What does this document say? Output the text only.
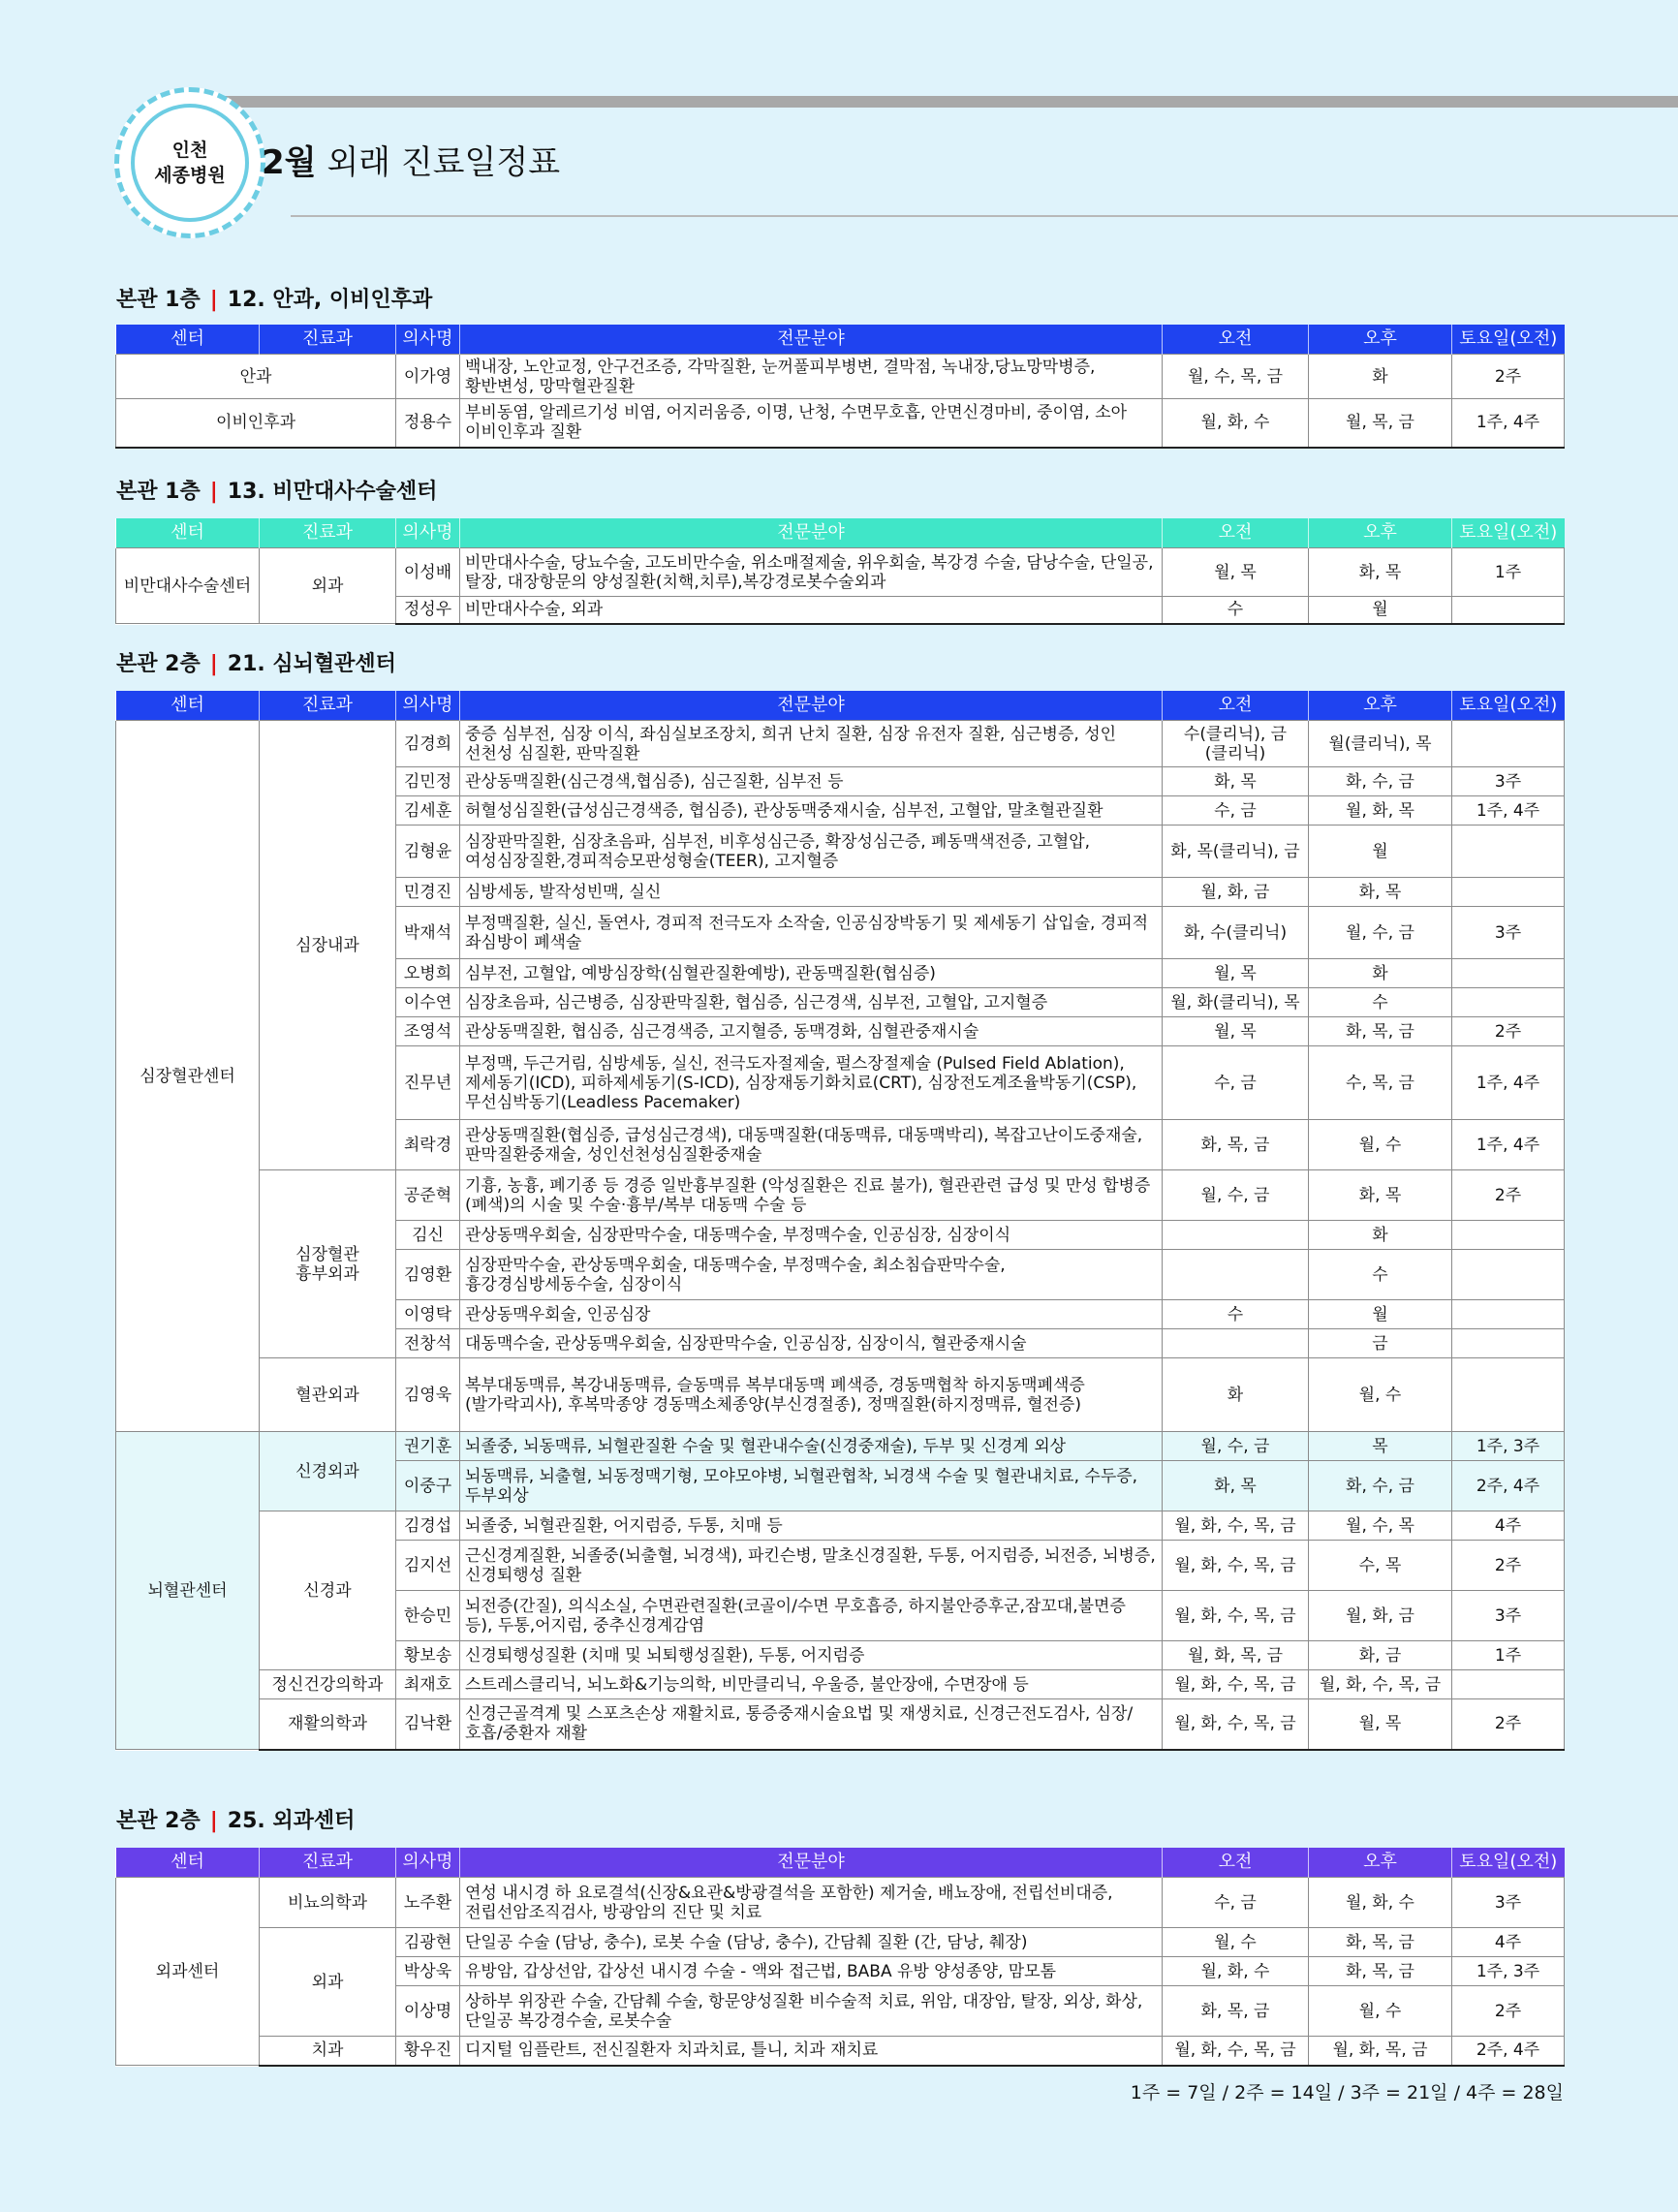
인천
세종병원 2월 외래 진료일정표
본관 1층 | 12. 안과, 이비인후과
센터	진료과	의사명	전문분야	오전	오후	토요일(오전)
안과		이가영	백내장, 노안교정, 안구건조증, 각막질환, 눈꺼풀피부병변, 결막점, 녹내장,당뇨망막병증, 황반변성, 망막혈관질환	월, 수, 목, 금	화	2주
이비인후과		정용수	부비동염, 알레르기성 비염, 어지러움증, 이명, 난청, 수면무호흡, 안면신경마비, 중이염, 소아 이비인후과 질환	월, 화, 수	월, 목, 금	1주, 4주
본관 1층 | 13. 비만대사수술센터
센터	진료과	의사명	전문분야	오전	오후	토요일(오전)
비만대사수술센터	외과	이성배	비만대사수술, 당뇨수술, 고도비만수술, 위소매절제술, 위우회술, 복강경 수술, 담낭수술, 단일공, 탈장, 대장항문의 양성질환(치핵,치루),복강경로봇수술외과	월, 목	화, 목	1주
		정성우	비만대사수술, 외과	수	월	
본관 2층 | 21. 심뇌혈관센터
센터	진료과	의사명	전문분야	오전	오후	토요일(오전)
심장혈관센터	심장내과	김경희	중증 심부전, 심장 이식, 좌심실보조장치, 희귀 난치 질환, 심장 유전자 질환, 심근병증, 성인 선천성 심질환, 판막질환	수(클리닉), 금(클리닉)	월(클리닉), 목	
		김민정	관상동맥질환(심근경색,협심증), 심근질환, 심부전 등	화, 목	화, 수, 금	3주
		김세훈	허혈성심질환(급성심근경색증, 협심증), 관상동맥중재시술, 심부전, 고혈압, 말초혈관질환	수, 금	월, 화, 목	1주, 4주
		김형윤	심장판막질환, 심장초음파, 심부전, 비후성심근증, 확장성심근증, 폐동맥색전증, 고혈압, 여성심장질환,경피적승모판성형술(TEER), 고지혈증	화, 목(클리닉), 금	월	
		민경진	심방세동, 발작성빈맥, 실신	월, 화, 금	화, 목	
		박재석	부정맥질환, 실신, 돌연사, 경피적 전극도자 소작술, 인공심장박동기 및 제세동기 삽입술, 경피적 좌심방이 폐색술	화, 수(클리닉)	월, 수, 금	3주
		오병희	심부전, 고혈압, 예방심장학(심혈관질환예방), 관동맥질환(협심증)	월, 목	화	
		이수연	심장초음파, 심근병증, 심장판막질환, 협심증, 심근경색, 심부전, 고혈압, 고지혈증	월, 화(클리닉), 목	수	
		조영석	관상동맥질환, 협심증, 심근경색증, 고지혈증, 동맥경화, 심혈관중재시술	월, 목	화, 목, 금	2주
		진무년	부정맥, 두근거림, 심방세동, 실신, 전극도자절제술, 펄스장절제술 (Pulsed Field Ablation), 제세동기(ICD), 피하제세동기(S-ICD), 심장재동기화치료(CRT), 심장전도계조율박동기(CSP), 무선심박동기(Leadless Pacemaker)	수, 금	수, 목, 금	1주, 4주
		최락경	관상동맥질환(협심증, 급성심근경색), 대동맥질환(대동맥류, 대동맥박리), 복잡고난이도중재술, 판막질환중재술, 성인선천성심질환중재술	화, 목, 금	월, 수	1주, 4주
	심장혈관 흉부외과	공준혁	기흉, 농흉, 폐기종 등 경증 일반흉부질환 (악성질환은 진료 불가), 혈관관련 급성 및 만성 합병증(폐색)의 시술 및 수술·흉부/복부 대동맥 수술 등	월, 수, 금	화, 목	2주
		김신	관상동맥우회술, 심장판막수술, 대동맥수술, 부정맥수술, 인공심장, 심장이식		화	
		김영환	심장판막수술, 관상동맥우회술, 대동맥수술, 부정맥수술, 최소침습판막수술, 흉강경심방세동수술, 심장이식		수	
		이영탁	관상동맥우회술, 인공심장	수	월	
		전창석	대동맥수술, 관상동맥우회술, 심장판막수술, 인공심장, 심장이식, 혈관중재시술		금	
	혈관외과	김영욱	복부대동맥류, 복강내동맥류, 슬동맥류 복부대동맥 폐색증, 경동맥협착 하지동맥폐색증(발가락괴사), 후복막종양 경동맥소체종양(부신경절종), 정맥질환(하지정맥류, 혈전증)	화	월, 수	
뇌혈관센터	신경외과	권기훈	뇌졸중, 뇌동맥류, 뇌혈관질환 수술 및 혈관내수술(신경중재술), 두부 및 신경계 외상	월, 수, 금	목	1주, 3주
		이중구	뇌동맥류, 뇌출혈, 뇌동정맥기형, 모야모야병, 뇌혈관협착, 뇌경색 수술 및 혈관내치료, 수두증, 두부외상	화, 목	화, 수, 금	2주, 4주
	신경과	김경섭	뇌졸중, 뇌혈관질환, 어지럼증, 두통, 치매 등	월, 화, 수, 목, 금	월, 수, 목	4주
		김지선	근신경계질환, 뇌졸중(뇌출혈, 뇌경색), 파킨슨병, 말초신경질환, 두통, 어지럼증, 뇌전증, 뇌병증, 신경퇴행성 질환	월, 화, 수, 목, 금	수, 목	2주
		한승민	뇌전증(간질), 의식소실, 수면관련질환(코골이/수면 무호흡증, 하지불안증후군,잠꼬대,불면증 등), 두통,어지럼, 중추신경계감염	월, 화, 수, 목, 금	월, 화, 금	3주
		황보송	신경퇴행성질환 (치매 및 뇌퇴행성질환), 두통, 어지럼증	월, 화, 목, 금	화, 금	1주
	정신건강의학과	최재호	스트레스클리닉, 뇌노화&기능의학, 비만클리닉, 우울증, 불안장애, 수면장애 등	월, 화, 수, 목, 금	월, 화, 수, 목, 금	
	재활의학과	김낙환	신경근골격계 및 스포츠손상 재활치료, 통증중재시술요법 및 재생치료, 신경근전도검사, 심장/호흡/중환자 재활	월, 화, 수, 목, 금	월, 목	2주
본관 2층 | 25. 외과센터
센터	진료과	의사명	전문분야	오전	오후	토요일(오전)
외과센터	비뇨의학과	노주환	연성 내시경 하 요로결석(신장&요관&방광결석을 포함한) 제거술, 배뇨장애, 전립선비대증, 전립선암조직검사, 방광암의 진단 및 치료	수, 금	월, 화, 수	3주
	외과	김광현	단일공 수술 (담낭, 충수), 로봇 수술 (담낭, 충수), 간담췌 질환 (간, 담낭, 췌장)	월, 수	화, 목, 금	4주
		박상욱	유방암, 갑상선암, 갑상선 내시경 수술 - 액와 접근법, BABA 유방 양성종양, 맘모톰	월, 화, 수	화, 목, 금	1주, 3주
		이상명	상하부 위장관 수술, 간담췌 수술, 항문양성질환 비수술적 치료, 위암, 대장암, 탈장, 외상, 화상, 단일공 복강경수술, 로봇수술	화, 목, 금	월, 수	2주
	치과	황우진	디지털 임플란트, 전신질환자 치과치료, 틀니, 치과 재치료	월, 화, 수, 목, 금	월, 화, 목, 금	2주, 4주
1주 = 7일 / 2주 = 14일 / 3주 = 21일 / 4주 = 28일
